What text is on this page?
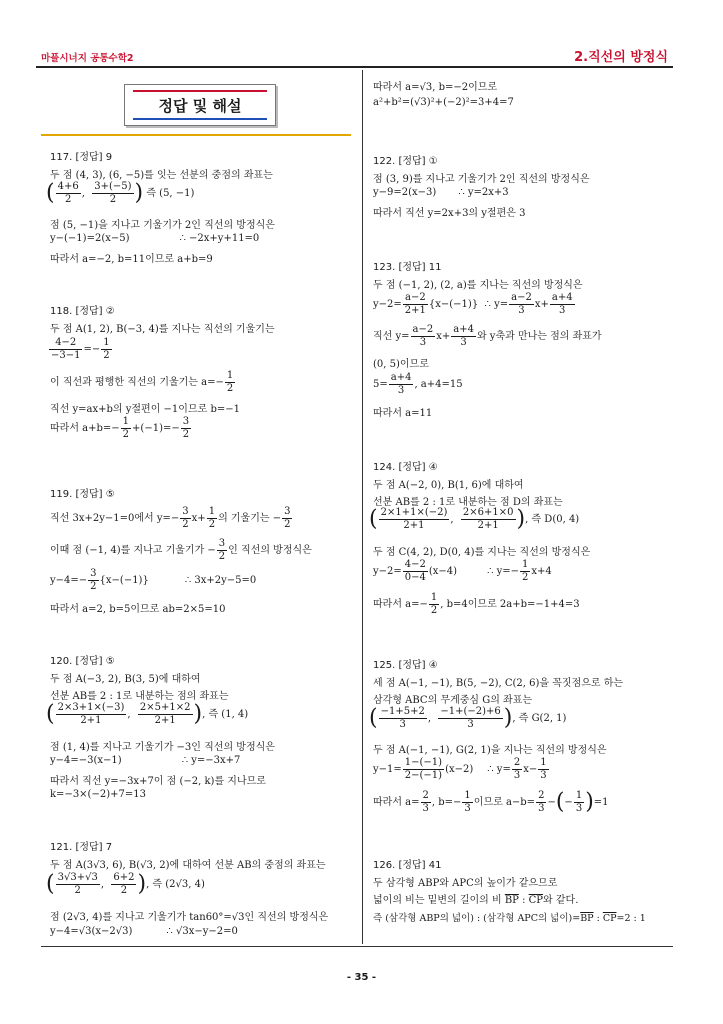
마플시너지 공통수학2	2.직선의 방정식
정답 및 해설
117. [정답] 9
두 점 (4, 3), (6, −5)를 잇는 선분의 중점의 좌표는
( $\frac{4+6}{2}$ , $\frac{3+(-5)}{2}$ ) 즉 (5, −1)
점 (5, −1)을 지나고 기울기가 2인 직선의 방정식은
y−(−1)=2(x−5)	∴ −2x+y+11=0
따라서 a=−2, b=11이므로 a+b=9
118. [정답] ②
두 점 A(1, 2), B(−3, 4)를 지나는 직선의 기울기는
$\frac{4-2}{-3-1} =- \frac{1}{2}$
이 직선과 평행한 직선의 기울기는 $a=- \frac{1}{2}$
직선 y=ax+b의 y절편이 −1이므로 b=−1
따라서 $a+b=- \frac{1}{2} +(-1)=- \frac{3}{2}$
119. [정답] ⑤
직선 3x+2y−1=0에서 $y=- \frac{3}{2} x+ \frac{1}{2}$ 의 기울기는 − $\frac{3}{2}$
이때 점 (−1, 4)를 지나고 기울기가 − $\frac{3}{2}$ 인 직선의 방정식은
$y-4=- \frac{3}{2} \{x-(-1)\}$	∴ 3x+2y−5=0
따라서 a=2, b=5이므로 ab=2×5=10
120. [정답] ⑤
두 점 A(−3, 2), B(3, 5)에 대하여
선분 AB를 2 : 1로 내분하는 점의 좌표는
( $\frac{2\times 3+1\times(-3)}{2+1}$ , $\frac{2\times 5+1\times 2}{2+1}$ ), 즉 (1, 4)
점 (1, 4)를 지나고 기울기가 −3인 직선의 방정식은
y−4=−3(x−1)	∴ y=−3x+7
따라서 직선 y=−3x+7이 점 (−2, k)를 지나므로
k=−3×(−2)+7=13
121. [정답] 7
두 점 A(3√3, 6), B(√3, 2)에 대하여 선분 AB의 중점의 좌표는
( $\frac{3√3+√3}{2}$ , $\frac{6+2}{2}$ ), 즉 (2√3, 4)
점 (2√3, 4)를 지나고 기울기가 tan60°=√3인 직선의 방정식은
y−4=√3(x−2√3)	∴ √3x−y−2=0
따라서 a=√3, b=−2이므로
a²+b²=(√3)²+(−2)²=3+4=7
122. [정답] ①
점 (3, 9)를 지나고 기울기가 2인 직선의 방정식은
y−9=2(x−3) ∴ y=2x+3
따라서 직선 y=2x+3의 y절편은 3
123. [정답] 11
두 점 (−1, 2), (2, a)를 지나는 직선의 방정식은
$y-2= \frac{a-2}{2+1} \{x-(-1)\}$ ∴ $y= \frac{a-2}{3} x+ \frac{a+4}{3}$
직선 $y= \frac{a-2}{3} x+ \frac{a+4}{3}$ 와 y축과 만나는 점의 좌표가
(0, 5)이므로
$5= \frac{a+4}{3}$ , a+4=15
따라서 a=11
124. [정답] ④
두 점 A(−2, 0), B(1, 6)에 대하여
선분 AB를 2 : 1로 내분하는 점 D의 좌표는
( $\frac{2\times 1+1\times(-2)}{2+1}$ , $\frac{2\times 6+1\times 0}{2+1}$ ), 즉 D(0, 4)
두 점 C(4, 2), D(0, 4)를 지나는 직선의 방정식은
$y-2= \frac{4-2}{0-4} (x-4)$	∴ $y=- \frac{1}{2} x+4$
따라서 $a=- \frac{1}{2}$ , b=4이므로 2a+b=−1+4=3
125. [정답] ④
세 점 A(−1, −1), B(5, −2), C(2, 6)을 꼭짓점으로 하는
삼각형 ABC의 무게중심 G의 좌표는
( $\frac{-1+5+2}{3}$ , $\frac{-1+(-2)+6}{3}$ ), 즉 G(2, 1)
두 점 A(−1, −1), G(2, 1)을 지나는 직선의 방정식은
$y-1= \frac{1-(-1)}{2-(-1)} (x-2)$ ∴ $y= \frac{2}{3} x- \frac{1}{3}$
따라서 $a= \frac{2}{3}$ , $b=- \frac{1}{3}$ 이므로 $a-b= \frac{2}{3}$ −(− $\frac{1}{3} )=1$
126. [정답] 41
두 삼각형 ABP와 APC의 높이가 같으므로
넓이의 비는 밑변의 길이의 비 $\overline{BP}$ : $\overline{CP}$와 같다.
즉 (삼각형 ABP의 넓이) : (삼각형 APC의 넓이)$=\overline{BP}$ : $\overline{CP}=2$ : 1
- 35 -
